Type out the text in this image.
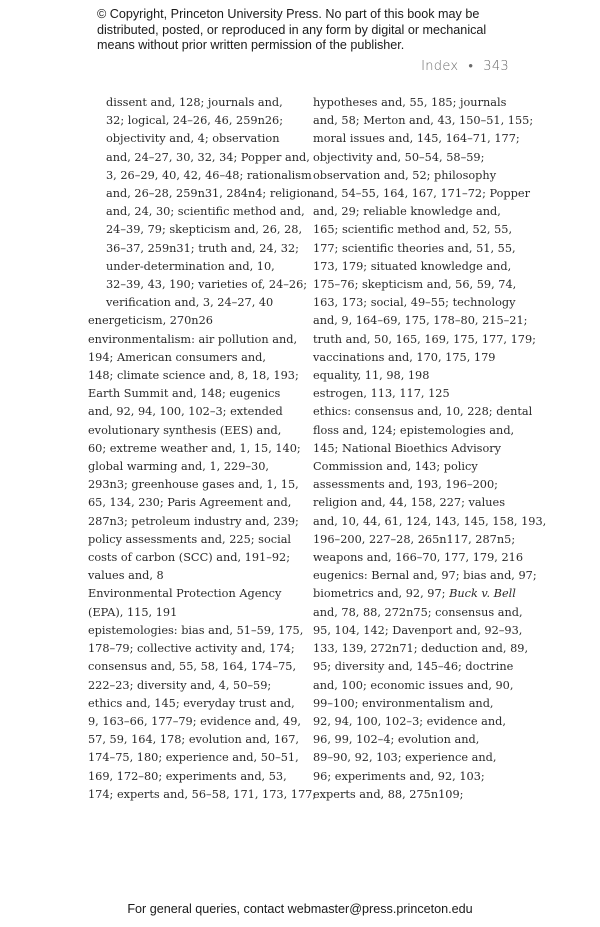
© Copyright, Princeton University Press. No part of this book may be
distributed, posted, or reproduced in any form by digital or mechanical
means without prior written permission of the publisher.
Index • 343
dissent and, 128; journals and,
32; logical, 24–26, 46, 259n26;
objectivity and, 4; observation
and, 24–27, 30, 32, 34; Popper and,
3, 26–29, 40, 42, 46–48; rationalism
and, 26–28, 259n31, 284n4; religion
and, 24, 30; scientific method and,
24–39, 79; skepticism and, 26, 28,
36–37, 259n31; truth and, 24, 32;
under-determination and, 10,
32–39, 43, 190; varieties of, 24–26;
verification and, 3, 24–27, 40
energeticism, 270n26
environmentalism: air pollution and,
194; American consumers and,
148; climate science and, 8, 18, 193;
Earth Summit and, 148; eugenics
and, 92, 94, 100, 102–3; extended
evolutionary synthesis (EES) and,
60; extreme weather and, 1, 15, 140;
global warming and, 1, 229–30,
293n3; greenhouse gases and, 1, 15,
65, 134, 230; Paris Agreement and,
287n3; petroleum industry and, 239;
policy assessments and, 225; social
costs of carbon (SCC) and, 191–92;
values and, 8
Environmental Protection Agency
(EPA), 115, 191
epistemologies: bias and, 51–59, 175,
178–79; collective activity and, 174;
consensus and, 55, 58, 164, 174–75,
222–23; diversity and, 4, 50–59;
ethics and, 145; everyday trust and,
9, 163–66, 177–79; evidence and, 49,
57, 59, 164, 178; evolution and, 167,
174–75, 180; experience and, 50–51,
169, 172–80; experiments and, 53,
174; experts and, 56–58, 171, 173, 177;
hypotheses and, 55, 185; journals
and, 58; Merton and, 43, 150–51, 155;
moral issues and, 145, 164–71, 177;
objectivity and, 50–54, 58–59;
observation and, 52; philosophy
and, 54–55, 164, 167, 171–72; Popper
and, 29; reliable knowledge and,
165; scientific method and, 52, 55,
177; scientific theories and, 51, 55,
173, 179; situated knowledge and,
175–76; skepticism and, 56, 59, 74,
163, 173; social, 49–55; technology
and, 9, 164–69, 175, 178–80, 215–21;
truth and, 50, 165, 169, 175, 177, 179;
vaccinations and, 170, 175, 179
equality, 11, 98, 198
estrogen, 113, 117, 125
ethics: consensus and, 10, 228; dental
floss and, 124; epistemologies and,
145; National Bioethics Advisory
Commission and, 143; policy
assessments and, 193, 196–200;
religion and, 44, 158, 227; values
and, 10, 44, 61, 124, 143, 145, 158, 193,
196–200, 227–28, 265n117, 287n5;
weapons and, 166–70, 177, 179, 216
eugenics: Bernal and, 97; bias and, 97;
biometrics and, 92, 97; Buck v. Bell
and, 78, 88, 272n75; consensus and,
95, 104, 142; Davenport and, 92–93,
133, 139, 272n71; deduction and, 89,
95; diversity and, 145–46; doctrine
and, 100; economic issues and, 90,
99–100; environmentalism and,
92, 94, 100, 102–3; evidence and,
96, 99, 102–4; evolution and,
89–90, 92, 103; experience and,
96; experiments and, 92, 103;
experts and, 88, 275n109;
For general queries, contact webmaster@press.princeton.edu
